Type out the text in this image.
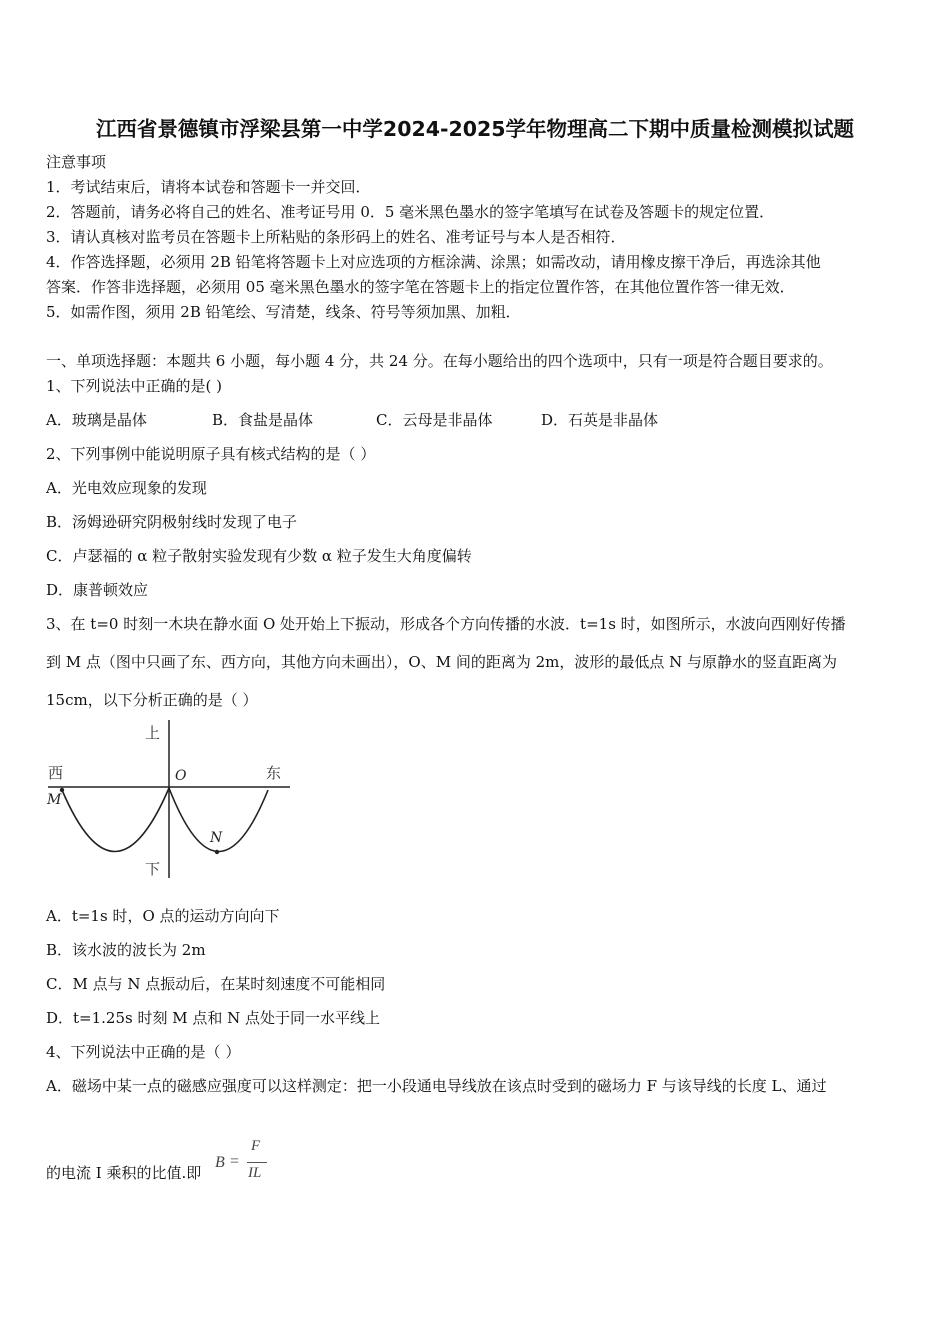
江西省景德镇市浮梁县第一中学2024-2025学年物理高二下期中质量检测模拟试题
注意事项
1．考试结束后，请将本试卷和答题卡一并交回．
2．答题前，请务必将自己的姓名、准考证号用 0．5 毫米黑色墨水的签字笔填写在试卷及答题卡的规定位置．
3．请认真核对监考员在答题卡上所粘贴的条形码上的姓名、准考证号与本人是否相符．
4．作答选择题，必须用 2B 铅笔将答题卡上对应选项的方框涂满、涂黑；如需改动，请用橡皮擦干净后，再选涂其他
答案．作答非选择题，必须用 05 毫米黑色墨水的签字笔在答题卡上的指定位置作答，在其他位置作答一律无效．
5．如需作图，须用 2B 铅笔绘、写清楚，线条、符号等须加黑、加粗．
一、单项选择题：本题共 6 小题，每小题 4 分，共 24 分。在每小题给出的四个选项中，只有一项是符合题目要求的。
1、下列说法中正确的是( )
A．玻璃是晶体	B．食盐是晶体	C．云母是非晶体	D．石英是非晶体
2、下列事例中能说明原子具有核式结构的是（ ）
A．光电效应现象的发现
B．汤姆逊研究阴极射线时发现了电子
C．卢瑟福的 α 粒子散射实验发现有少数 α 粒子发生大角度偏转
D．康普顿效应
3、在 t=0 时刻一木块在静水面 O 处开始上下振动，形成各个方向传播的水波．t=1s 时，如图所示，水波向西刚好传播
到 M 点（图中只画了东、西方向，其他方向未画出），O、M 间的距离为 2m，波形的最低点 N 与原静水的竖直距离为
15cm，以下分析正确的是（ ）
上
下
西	东
O
M
N
A．t=1s 时，O 点的运动方向向下
B．该水波的波长为 2m
C．M 点与 N 点振动后，在某时刻速度不可能相同
D．t=1.25s 时刻 M 点和 N 点处于同一水平线上
4、下列说法中正确的是（ ）
A．磁场中某一点的磁感应强度可以这样测定：把一小段通电导线放在该点时受到的磁场力 F 与该导线的长度 L、通过
的电流 I 乘积的比值.即
B =
F
IL
